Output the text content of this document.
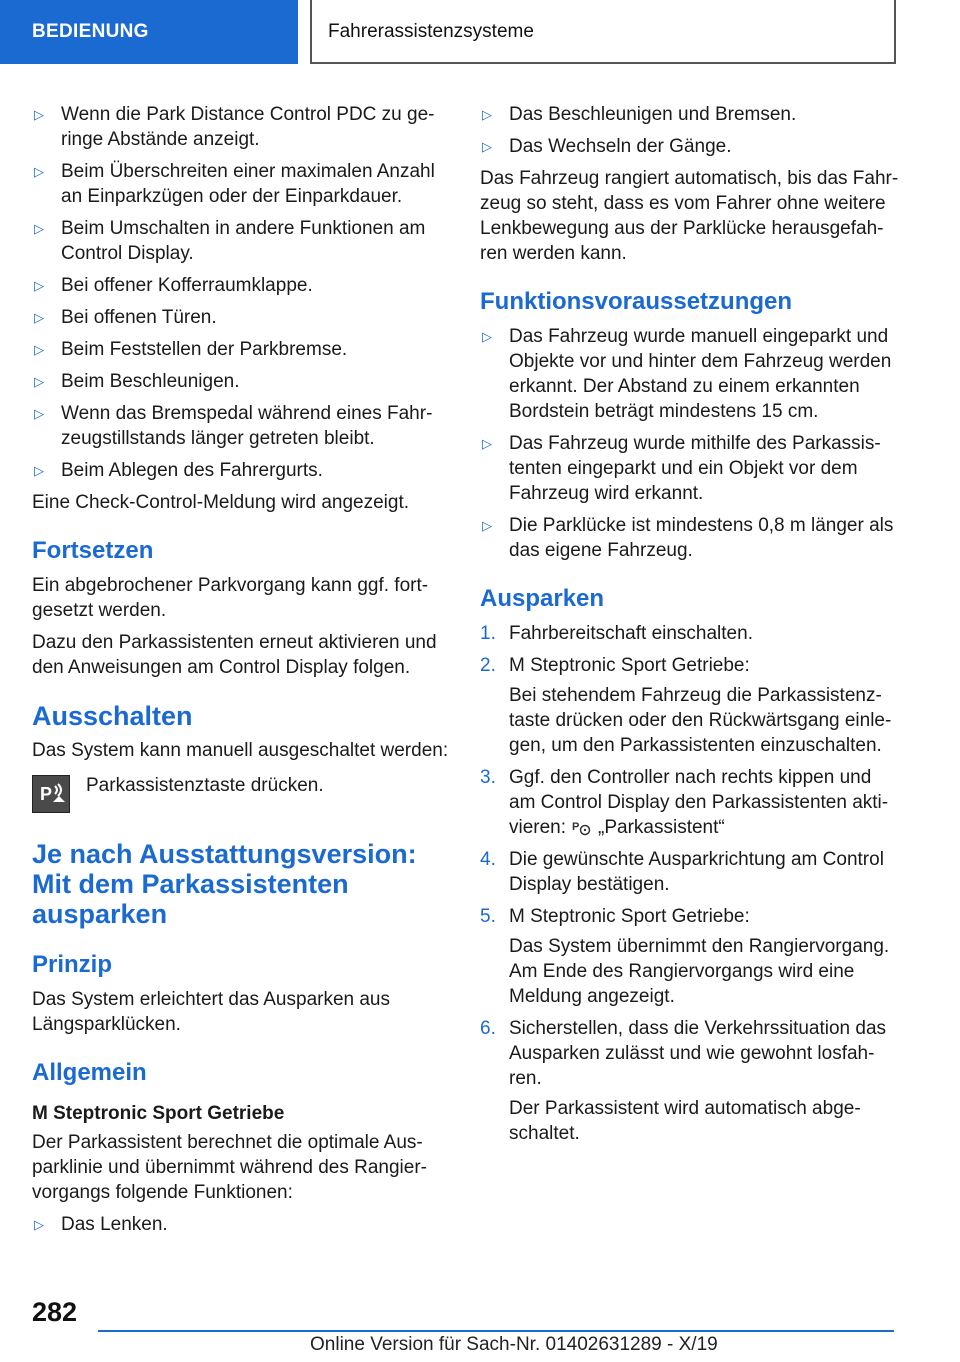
BEDIENUNG	Fahrerassistenzsysteme
▷ Wenn die Park Distance Control PDC zu ge-ringe Abstände anzeigt.
▷ Beim Überschreiten einer maximalen Anzahl an Einparkzügen oder der Einparkdauer.
▷ Beim Umschalten in andere Funktionen am Control Display.
▷ Bei offener Kofferraumklappe.
▷ Bei offenen Türen.
▷ Beim Feststellen der Parkbremse.
▷ Beim Beschleunigen.
▷ Wenn das Bremspedal während eines Fahr-zeugstillstands länger getreten bleibt.
▷ Beim Ablegen des Fahrergurts.

Eine Check-Control-Meldung wird angezeigt.

Fortsetzen

Ein abgebrochener Parkvorgang kann ggf. fort-gesetzt werden.

Dazu den Parkassistenten erneut aktivieren und den Anweisungen am Control Display folgen.

Ausschalten

Das System kann manuell ausgeschaltet werden:

P Parkassistenztaste drücken.
Je nach Ausstattungsversion: Mit dem Parkassistenten ausparken
Prinzip

Das System erleichtert das Ausparken aus Längsparklücken.

Allgemein
M Steptronic Sport Getriebe

Der Parkassistent berechnet die optimale Aus-parklinie und übernimmt während des Rangier-vorgangs folgende Funktionen:

▷ Das Lenken.
▷ Das Beschleunigen und Bremsen.
▷ Das Wechseln der Gänge.

Das Fahrzeug rangiert automatisch, bis das Fahr-zeug so steht, dass es vom Fahrer ohne weitere Lenkbewegung aus der Parklücke herausgefah-ren werden kann.

Funktionsvoraussetzungen
▷ Das Fahrzeug wurde manuell eingeparkt und Objekte vor und hinter dem Fahrzeug werden erkannt. Der Abstand zu einem erkannten Bordstein beträgt mindestens 15 cm.
▷ Das Fahrzeug wurde mithilfe des Parkassis-tenten eingeparkt und ein Objekt vor dem Fahrzeug wird erkannt.
▷ Die Parklücke ist mindestens 0,8 m länger als das eigene Fahrzeug.
Ausparken
1. Fahrbereitschaft einschalten.
2. M Steptronic Sport Getriebe:

Bei stehendem Fahrzeug die Parkassistenz-taste drücken oder den Rückwärtsgang einle-gen, um den Parkassistenten einzuschalten.

3. Ggf. den Controller nach rechts kippen und am Control Display den Parkassistenten akti-vieren: P „Parkassistent“
4. Die gewünschte Ausparkrichtung am Control Display bestätigen.
5. M Steptronic Sport Getriebe:

Das System übernimmt den Rangiervorgang. Am Ende des Rangiervorgangs wird eine Meldung angezeigt.

6. Sicherstellen, dass die Verkehrssituation das Ausparken zulässt und wie gewohnt losfah-ren.

Der Parkassistent wird automatisch abge-schaltet.

282
Online Version für Sach-Nr. 01402631289 - X/19
